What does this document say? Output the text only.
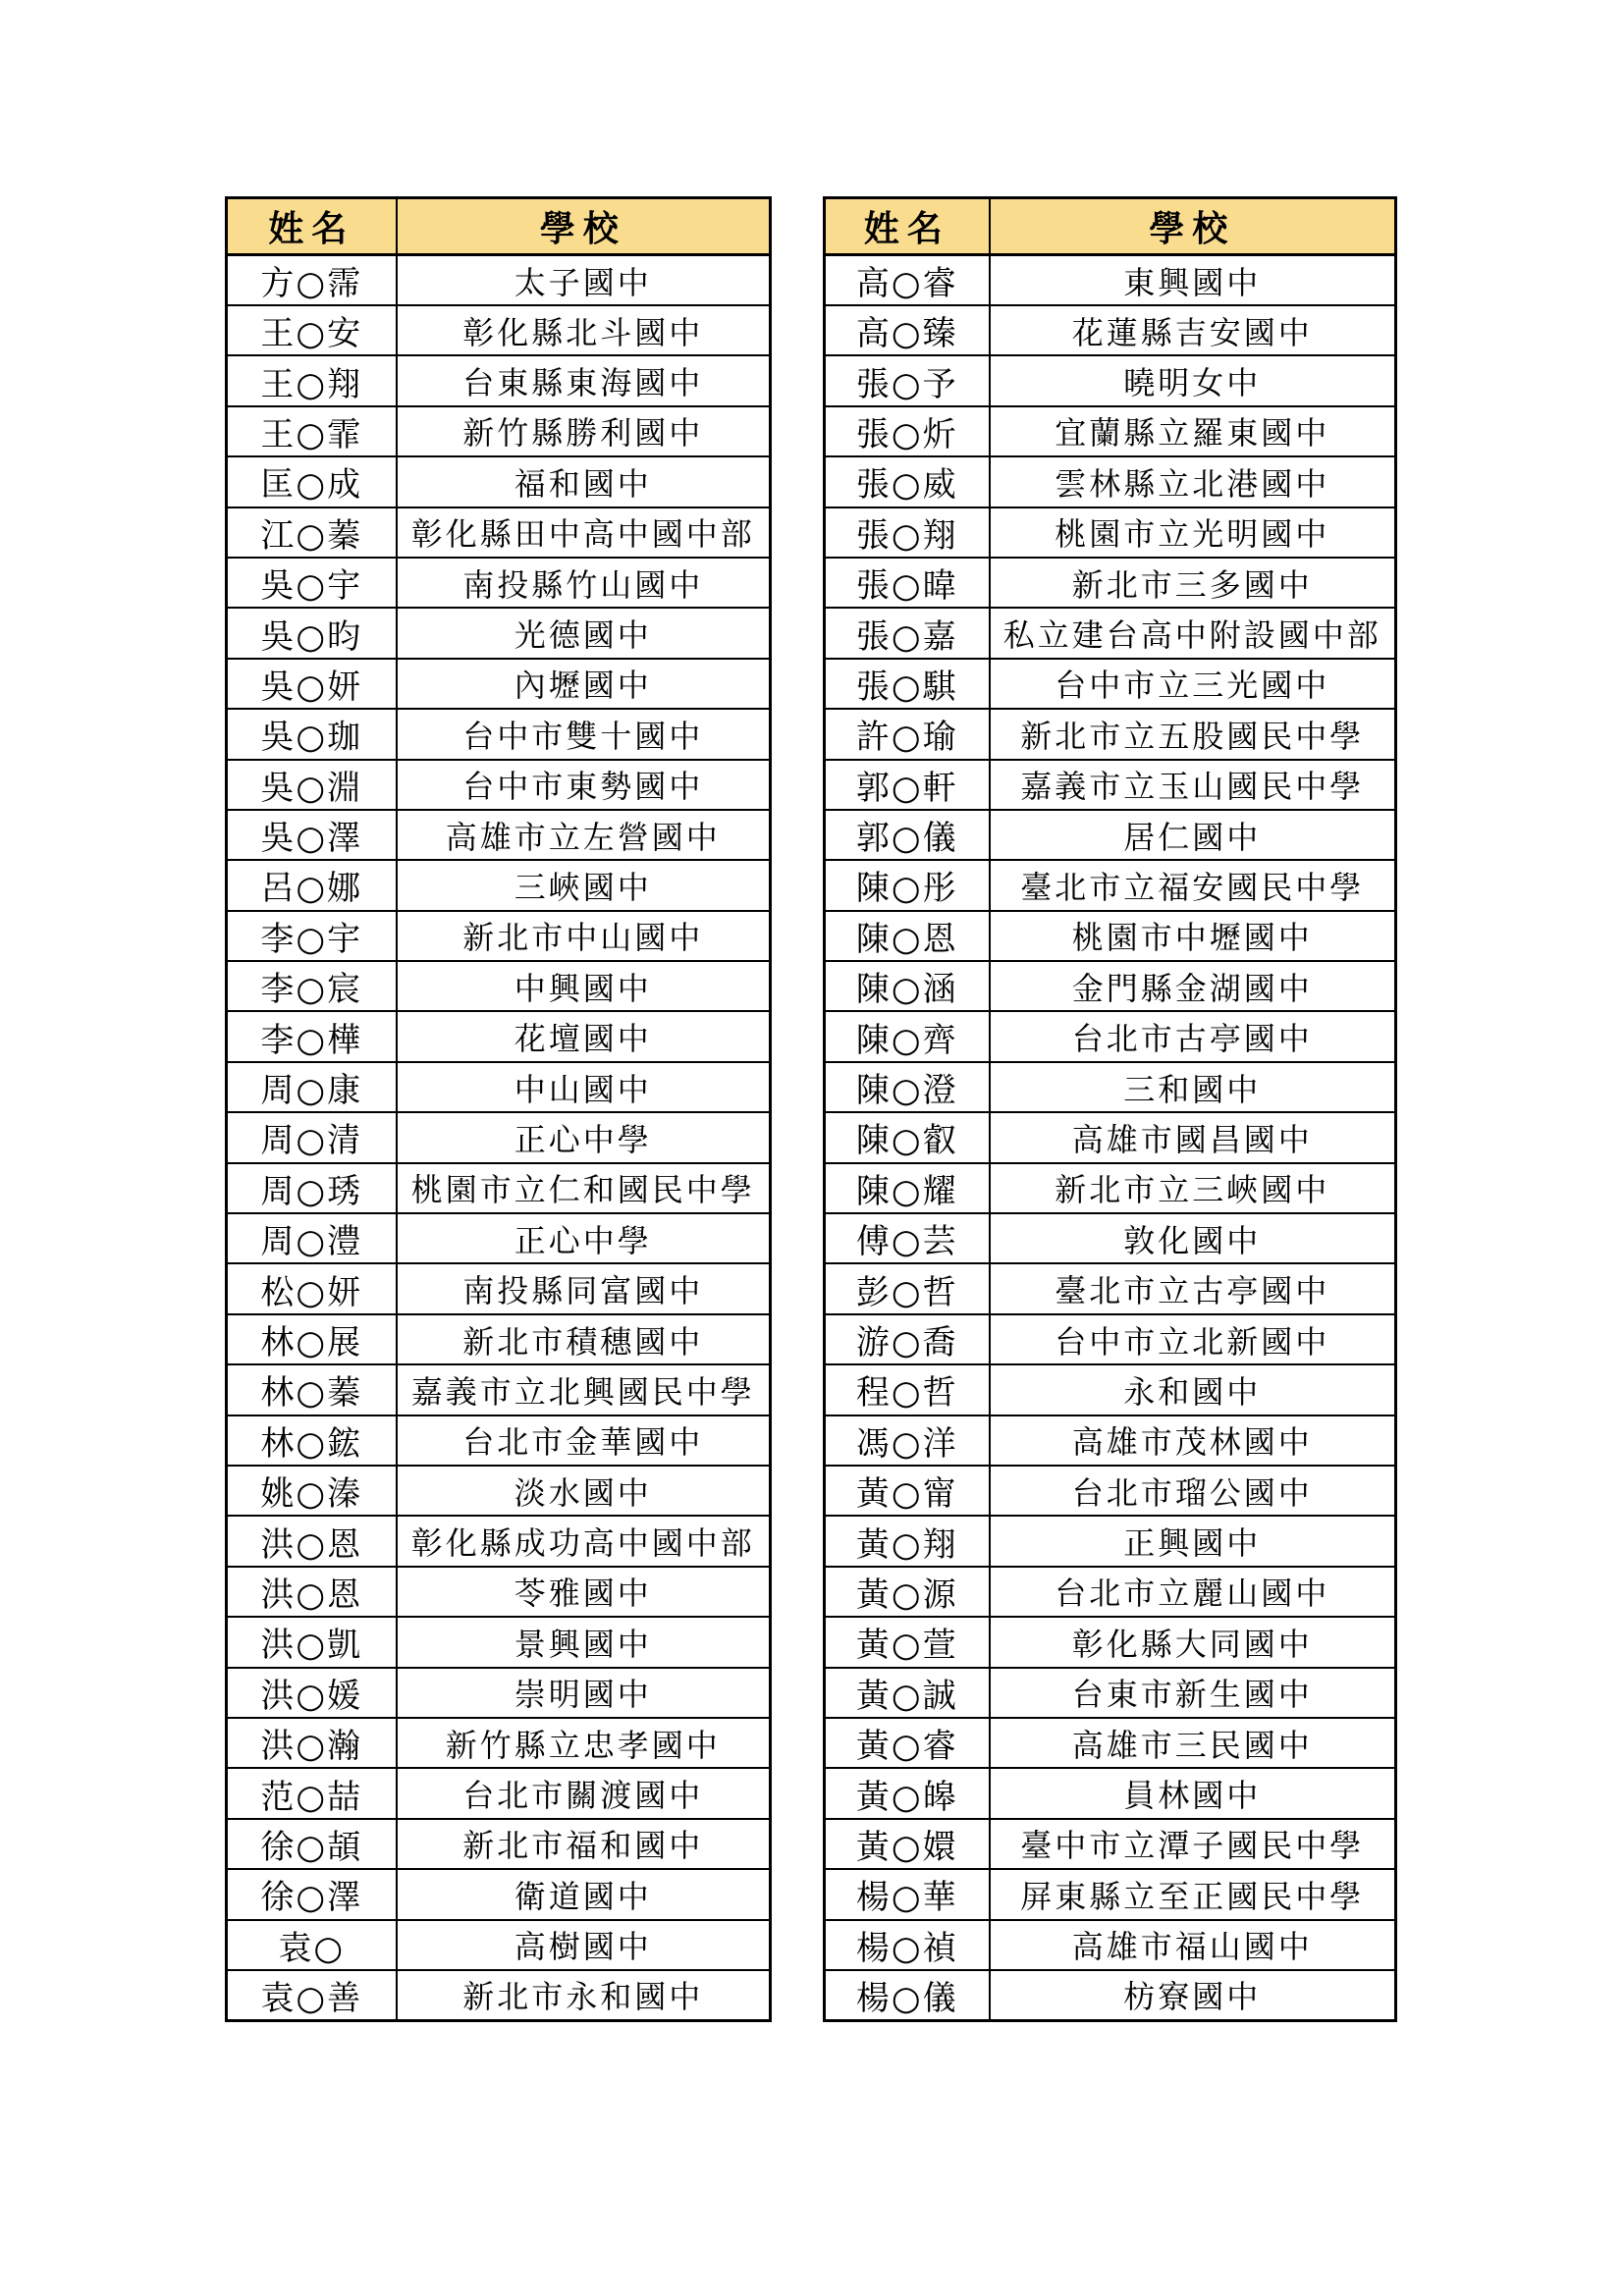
姓名	學校
方○霈	太子國中
王○安	彰化縣北斗國中
王○翔	台東縣東海國中
王○霏	新竹縣勝利國中
匡○成	福和國中
江○蓁	彰化縣田中高中國中部
吳○宇	南投縣竹山國中
吳○昀	光德國中
吳○妍	內壢國中
吳○珈	台中市雙十國中
吳○淵	台中市東勢國中
吳○澤	高雄市立左營國中
呂○娜	三峽國中
李○宇	新北市中山國中
李○宸	中興國中
李○樺	花壇國中
周○康	中山國中
周○清	正心中學
周○琇	桃園市立仁和國民中學
周○澧	正心中學
松○妍	南投縣同富國中
林○展	新北市積穗國中
林○蓁	嘉義市立北興國民中學
林○鋐	台北市金華國中
姚○溱	淡水國中
洪○恩	彰化縣成功高中國中部
洪○恩	苓雅國中
洪○凱	景興國中
洪○媛	崇明國中
洪○瀚	新竹縣立忠孝國中
范○喆	台北市關渡國中
徐○頡	新北市福和國中
徐○澤	衛道國中
袁○	高樹國中
袁○善	新北市永和國中
姓名	學校
高○睿	東興國中
高○臻	花蓮縣吉安國中
張○予	曉明女中
張○炘	宜蘭縣立羅東國中
張○威	雲林縣立北港國中
張○翔	桃園市立光明國中
張○暐	新北市三多國中
張○嘉	私立建台高中附設國中部
張○騏	台中市立三光國中
許○瑜	新北市立五股國民中學
郭○軒	嘉義市立玉山國民中學
郭○儀	居仁國中
陳○彤	臺北市立福安國民中學
陳○恩	桃園市中壢國中
陳○涵	金門縣金湖國中
陳○齊	台北市古亭國中
陳○澄	三和國中
陳○叡	高雄市國昌國中
陳○耀	新北市立三峽國中
傅○芸	敦化國中
彭○哲	臺北市立古亭國中
游○喬	台中市立北新國中
程○哲	永和國中
馮○洋	高雄市茂林國中
黃○甯	台北市瑠公國中
黃○翔	正興國中
黃○源	台北市立麗山國中
黃○萱	彰化縣大同國中
黃○誠	台東市新生國中
黃○睿	高雄市三民國中
黃○皞	員林國中
黃○嬛	臺中市立潭子國民中學
楊○華	屏東縣立至正國民中學
楊○禎	高雄市福山國中
楊○儀	枋寮國中
